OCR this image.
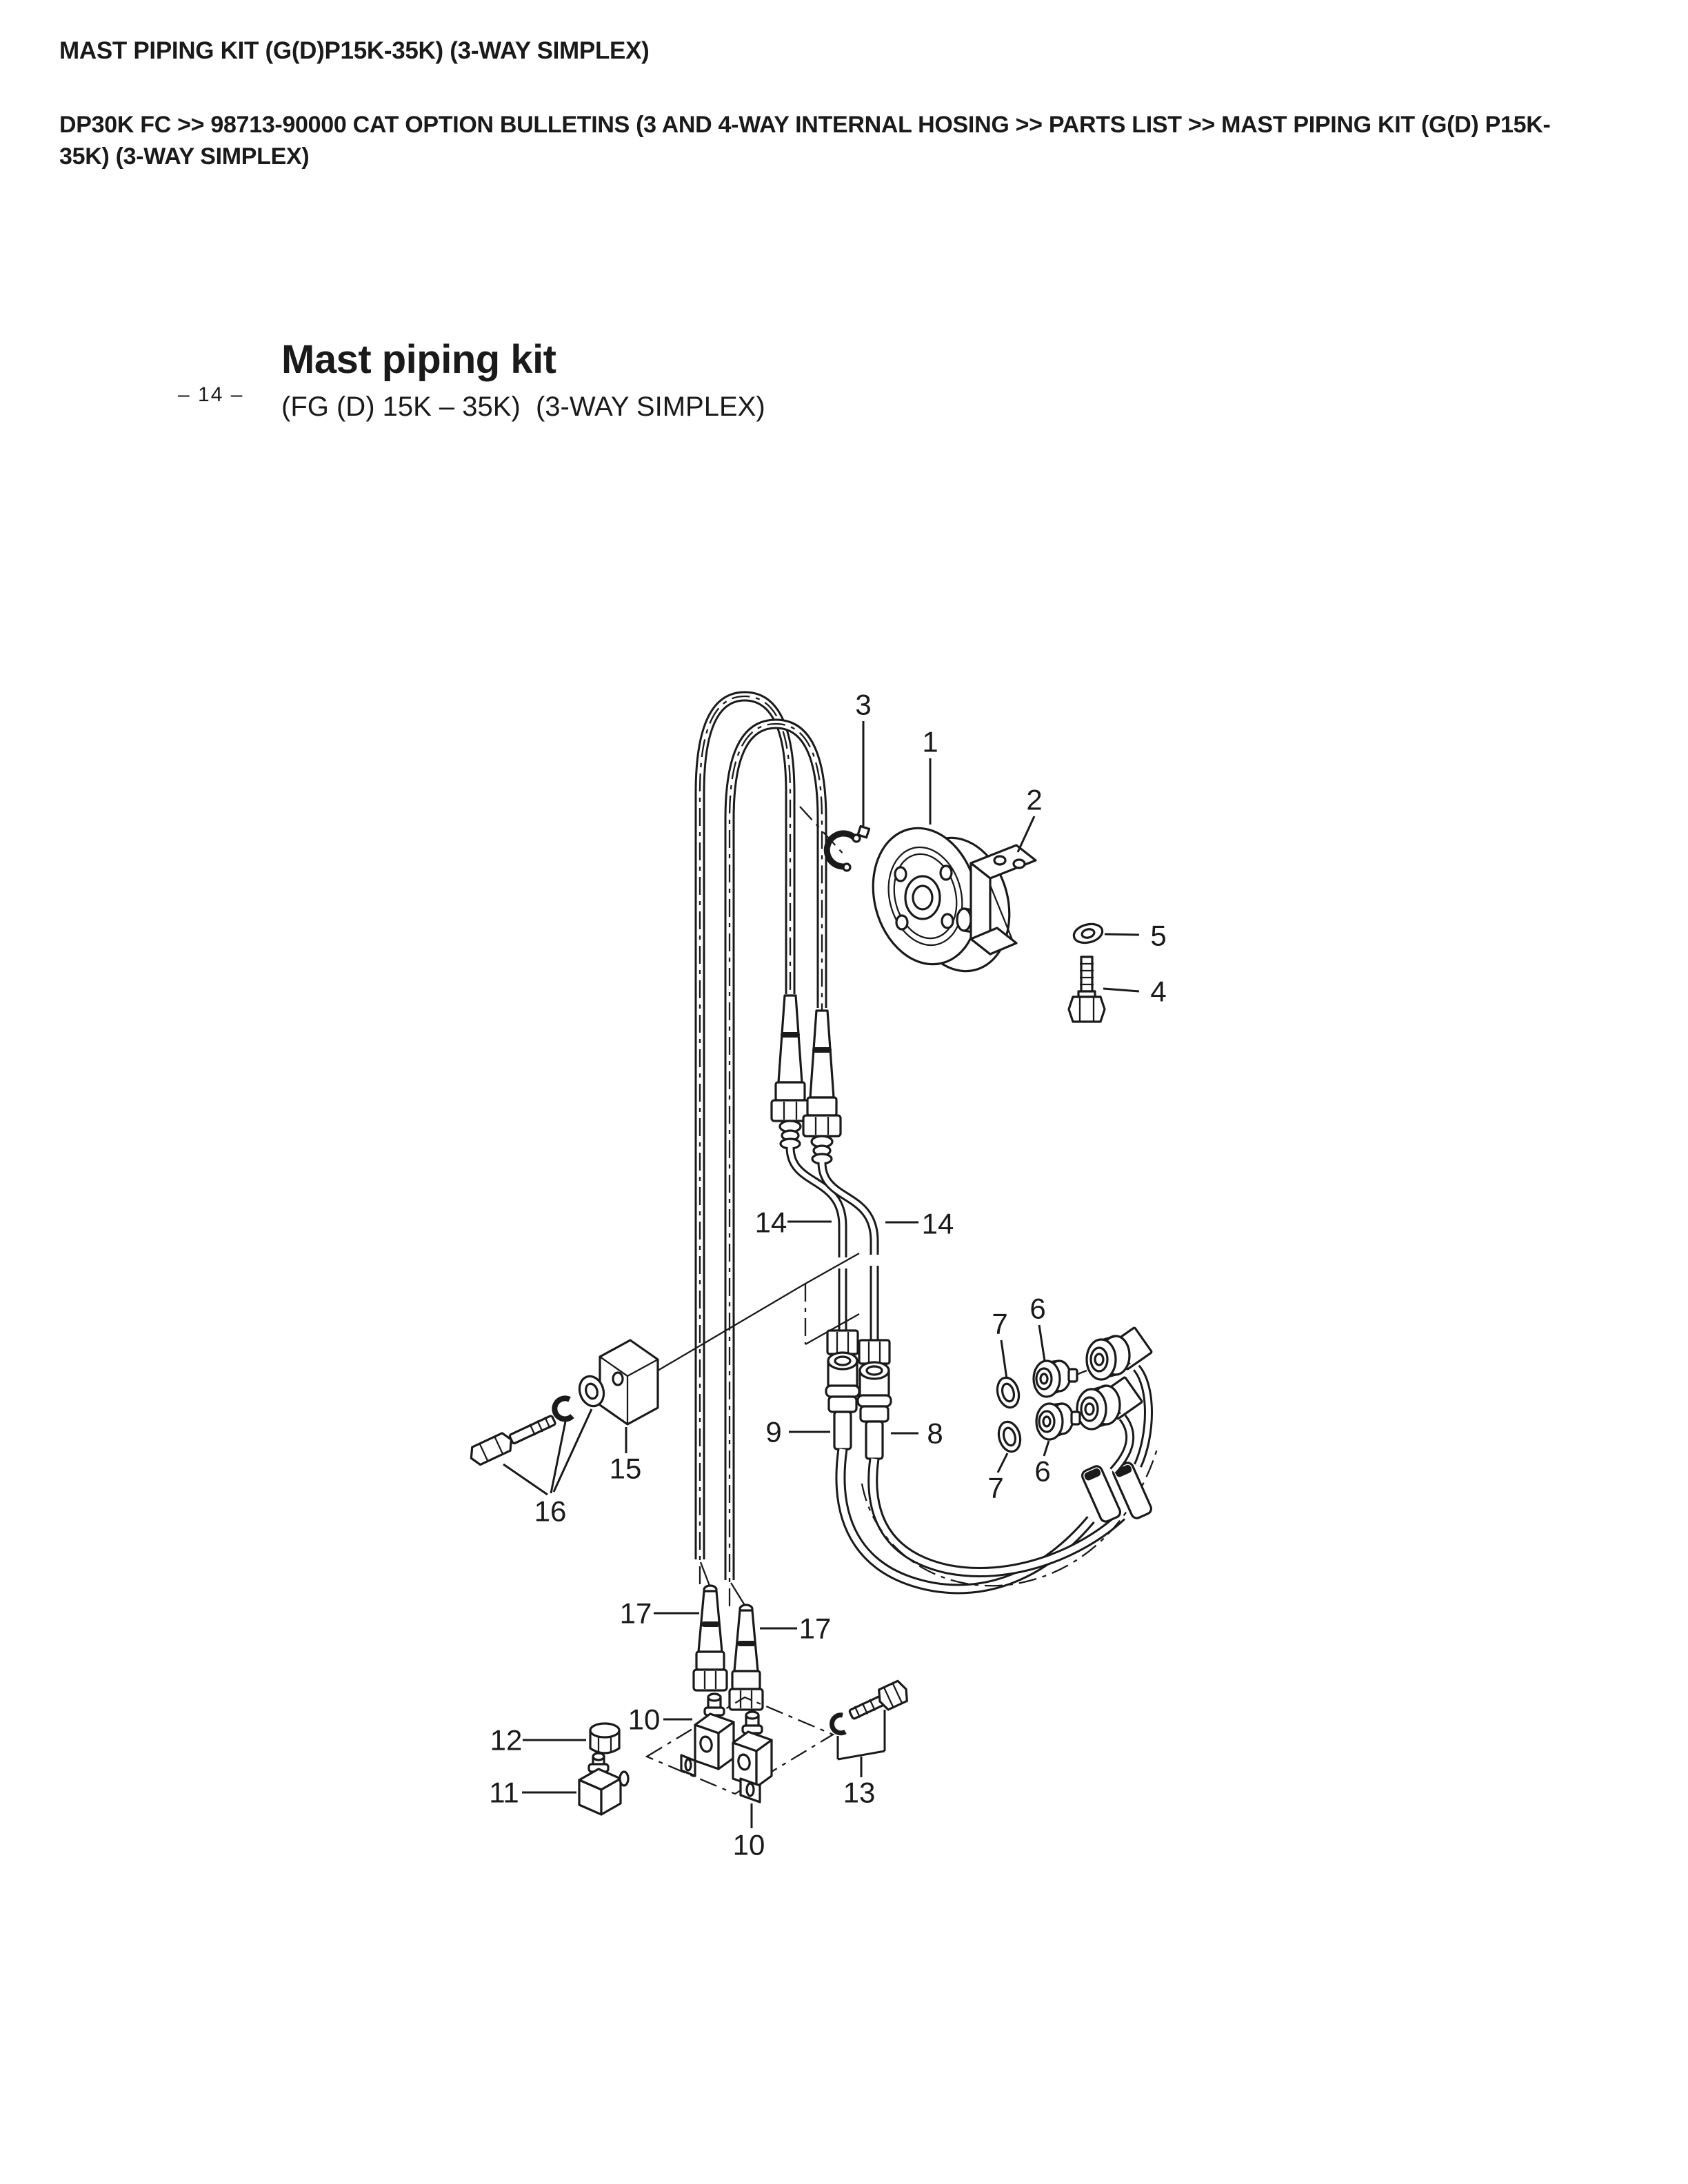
MAST PIPING KIT (G(D)P15K-35K) (3-WAY SIMPLEX)
DP30K FC >> 98713-90000 CAT OPTION BULLETINS (3 AND 4-WAY INTERNAL HOSING >> PARTS LIST >> MAST PIPING KIT (G(D) P15K-35K) (3-WAY SIMPLEX)
– 14 –
Mast piping kit
(FG (D) 15K – 35K)  (3-WAY SIMPLEX)
3
1
2
5
4
14	14
7 6
9	8
6
7
15
16
17	17
12
10
11	13
10
